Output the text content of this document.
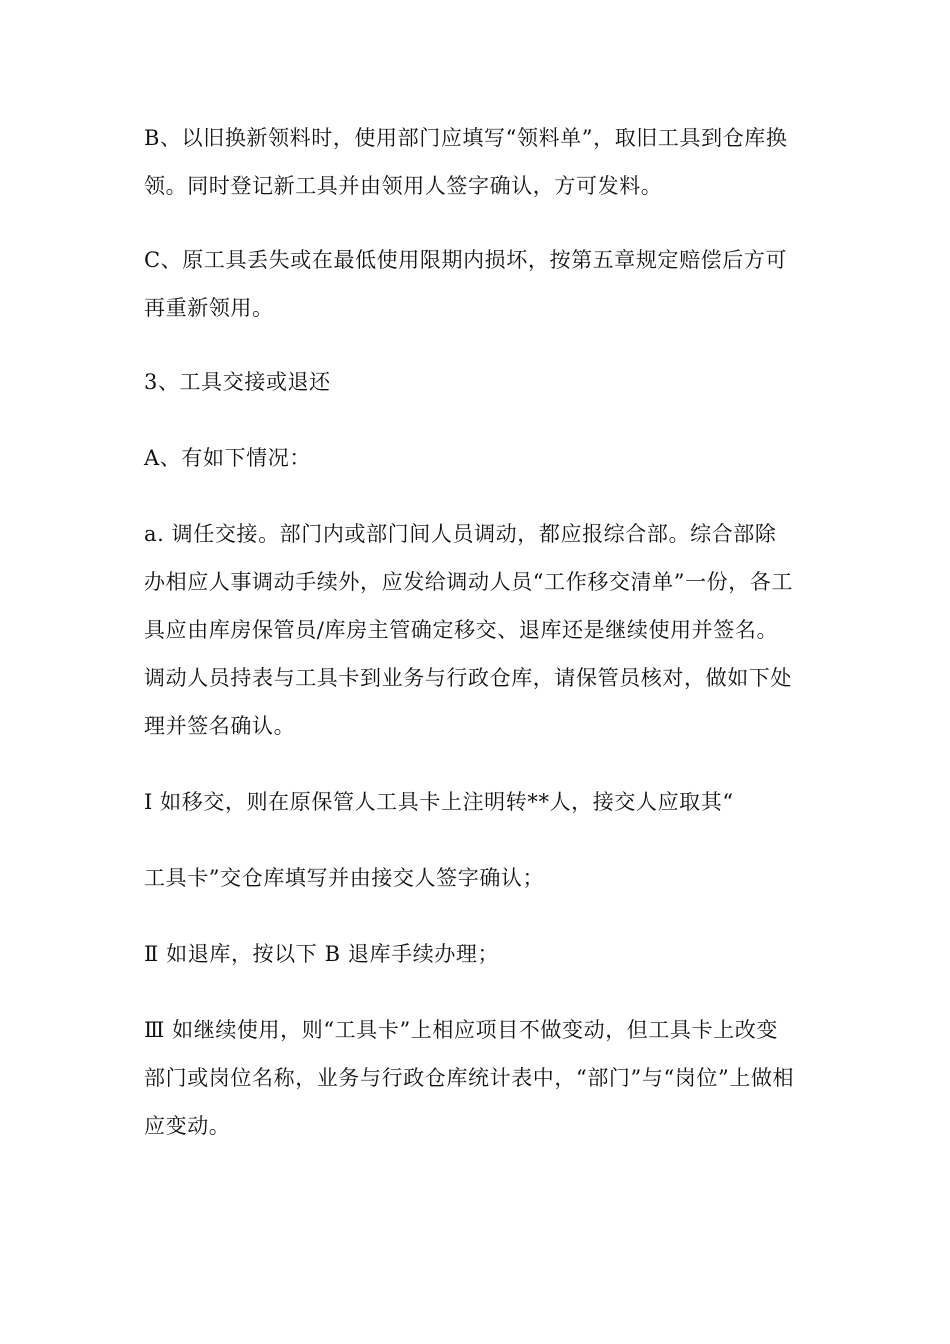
B、以旧换新领料时，使用部门应填写“领料单”，取旧工具到仓库换
领。同时登记新工具并由领用人签字确认，方可发料。
C、原工具丢失或在最低使用限期内损坏，按第五章规定赔偿后方可
再重新领用。
3、工具交接或退还
A、有如下情况：
a. 调任交接。部门内或部门间人员调动，都应报综合部。综合部除
办相应人事调动手续外，应发给调动人员“工作移交清单”一份，各工
具应由库房保管员/库房主管确定移交、退库还是继续使用并签名。
调动人员持表与工具卡到业务与行政仓库，请保管员核对，做如下处
理并签名确认。
Ⅰ 如移交，则在原保管人工具卡上注明转**人，接交人应取其“
工具卡”交仓库填写并由接交人签字确认；
Ⅱ 如退库，按以下 B 退库手续办理；
Ⅲ 如继续使用，则“工具卡”上相应项目不做变动，但工具卡上改变
部门或岗位名称，业务与行政仓库统计表中，“部门”与“岗位”上做相
应变动。
